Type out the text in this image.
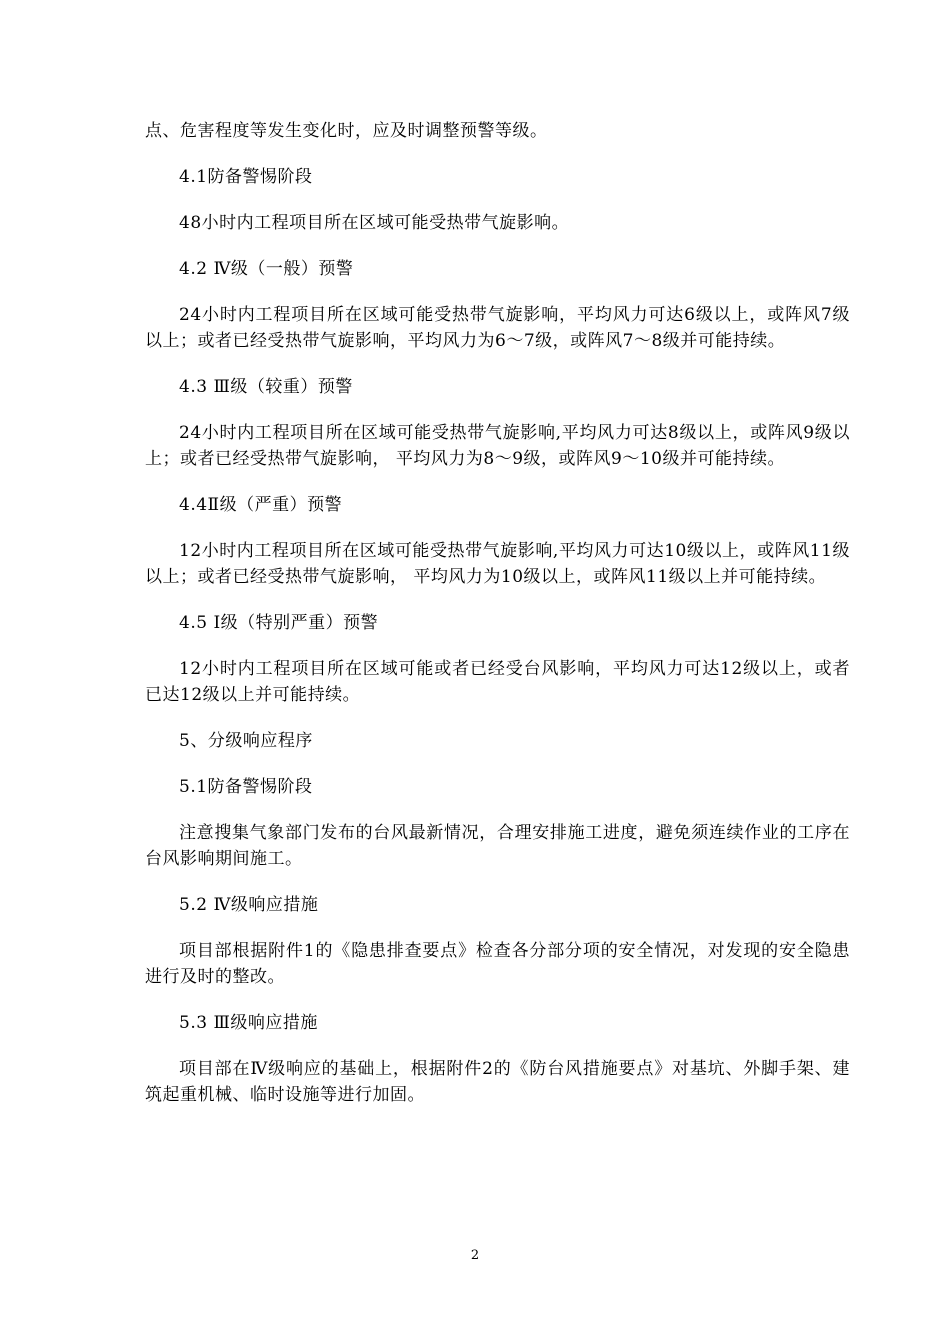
点、危害程度等发生变化时，应及时调整预警等级。

4.1防备警惕阶段

48小时内工程项目所在区域可能受热带气旋影响。

4.2 Ⅳ级（一般）预警

24小时内工程项目所在区域可能受热带气旋影响，平均风力可达6级以上，或阵风7级以上；或者已经受热带气旋影响，平均风力为6～7级，或阵风7～8级并可能持续。

4.3 Ⅲ级（较重）预警

24小时内工程项目所在区域可能受热带气旋影响,平均风力可达8级以上，或阵风9级以上；或者已经受热带气旋影响， 平均风力为8～9级，或阵风9～10级并可能持续。

4.4Ⅱ级（严重）预警

12小时内工程项目所在区域可能受热带气旋影响,平均风力可达10级以上，或阵风11级以上；或者已经受热带气旋影响， 平均风力为10级以上，或阵风11级以上并可能持续。

4.5 Ⅰ级（特别严重）预警

12小时内工程项目所在区域可能或者已经受台风影响，平均风力可达12级以上，或者已达12级以上并可能持续。

5、分级响应程序

5.1防备警惕阶段

注意搜集气象部门发布的台风最新情况，合理安排施工进度，避免须连续作业的工序在台风影响期间施工。

5.2 Ⅳ级响应措施

项目部根据附件1的《隐患排查要点》检查各分部分项的安全情况，对发现的安全隐患进行及时的整改。

5.3 Ⅲ级响应措施

项目部在Ⅳ级响应的基础上，根据附件2的《防台风措施要点》对基坑、外脚手架、建筑起重机械、临时设施等进行加固。

2
